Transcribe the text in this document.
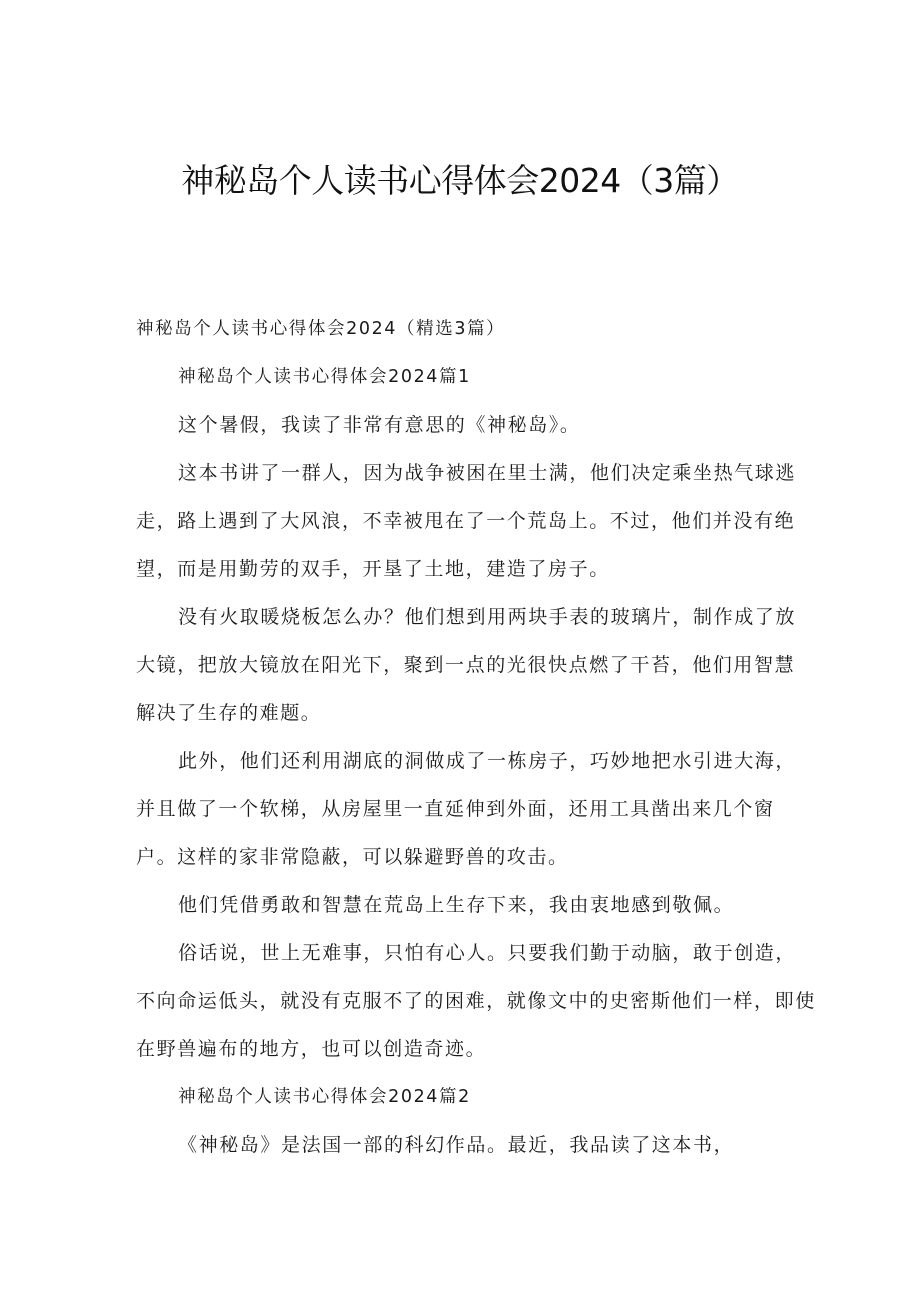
神秘岛个人读书心得体会2024（3篇）

神秘岛个人读书心得体会2024（精选3篇）

神秘岛个人读书心得体会2024篇1

这个暑假，我读了非常有意思的《神秘岛》。

这本书讲了一群人，因为战争被困在里士满，他们决定乘坐热气球逃
走，路上遇到了大风浪，不幸被甩在了一个荒岛上。不过，他们并没有绝
望，而是用勤劳的双手，开垦了土地，建造了房子。

没有火取暖烧板怎么办？他们想到用两块手表的玻璃片，制作成了放
大镜，把放大镜放在阳光下，聚到一点的光很快点燃了干苔，他们用智慧
解决了生存的难题。

此外，他们还利用湖底的洞做成了一栋房子，巧妙地把水引进大海，
并且做了一个软梯，从房屋里一直延伸到外面，还用工具凿出来几个窗
户。这样的家非常隐蔽，可以躲避野兽的攻击。

他们凭借勇敢和智慧在荒岛上生存下来，我由衷地感到敬佩。

俗话说，世上无难事，只怕有心人。只要我们勤于动脑，敢于创造，
不向命运低头，就没有克服不了的困难，就像文中的史密斯他们一样，即使
在野兽遍布的地方，也可以创造奇迹。

神秘岛个人读书心得体会2024篇2

《神秘岛》是法国一部的科幻作品。最近，我品读了这本书，
